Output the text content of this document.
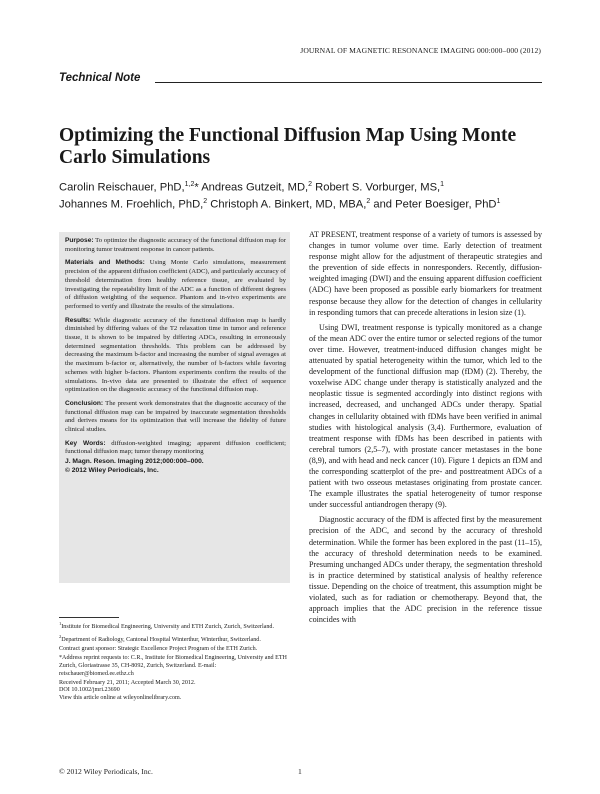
JOURNAL OF MAGNETIC RESONANCE IMAGING 000:000–000 (2012)
Technical Note
Optimizing the Functional Diffusion Map Using Monte Carlo Simulations
Carolin Reischauer, PhD,$^{1,2}$* Andreas Gutzeit, MD,$^2$ Robert S. Vorburger, MS,$^1$
Johannes M. Froehlich, PhD,$^2$ Christoph A. Binkert, MD, MBA,$^2$ and Peter Boesiger, PhD$^1$

Purpose: To optimize the diagnostic accuracy of the functional diffusion map for monitoring tumor treatment response in cancer patients.

Materials and Methods: Using Monte Carlo simulations, measurement precision of the apparent diffusion coefficient (ADC), and particularly accuracy of threshold determination from healthy reference tissue, are evaluated by investigating the repeatability limit of the ADC as a function of different degrees of diffusion weighting of the sequence. Phantom and in-vivo experiments are performed to verify and illustrate the results of the simulations.

Results: While diagnostic accuracy of the functional diffusion map is hardly diminished by differing values of the T2 relaxation time in tumor and reference tissue, it is shown to be impaired by differing ADCs, resulting in erroneously determined segmentation thresholds. This problem can be addressed by decreasing the maximum b-factor and increasing the number of signal averages at the maximum b-factor or, alternatively, the number of b-factors while favoring schemes with higher b-factors. Phantom experiments confirm the results of the simulations. In-vivo data are presented to illustrate the effect of sequence optimization on the diagnostic accuracy of the functional diffusion map.

Conclusion: The present work demonstrates that the diagnostic accuracy of the functional diffusion map can be impaired by inaccurate segmentation thresholds and derives means for its optimization that will increase the fidelity of future clinical studies.

Key Words: diffusion-weighted imaging; apparent diffusion coefficient; functional diffusion map; tumor therapy monitoring

J. Magn. Reson. Imaging 2012;000:000–000.

© 2012 Wiley Periodicals, Inc.

$^1$Institute for Biomedical Engineering, University and ETH Zurich, Zurich, Switzerland.

$^2$Department of Radiology, Cantonal Hospital Winterthur, Winterthur, Switzerland.

Contract grant sponsor: Strategic Excellence Project Program of the ETH Zurich.

*Address reprint requests to: C.R., Institute for Biomedical Engineering, University and ETH Zurich, Gloriastrasse 35, CH-8092, Zurich, Switzerland. E-mail: reischauer@biomed.ee.ethz.ch

Received February 21, 2011; Accepted March 30, 2012.

DOI 10.1002/jmri.23690

View this article online at wileyonlinelibrary.com.

AT PRESENT, treatment response of a variety of tumors is assessed by changes in tumor volume over time. Early detection of treatment response might allow for the adjustment of therapeutic strategies and the prevention of side effects in nonresponders. Recently, diffusion-weighted imaging (DWI) and the ensuing apparent diffusion coefficient (ADC) have been proposed as possible early biomarkers for treatment response because they allow for the detection of changes in cellularity in responding tumors that can precede alterations in lesion size (1).

Using DWI, treatment response is typically monitored as a change of the mean ADC over the entire tumor or selected regions of the tumor over time. However, treatment-induced diffusion changes might be attenuated by spatial heterogeneity within the tumor, which led to the development of the functional diffusion map (fDM) (2). Thereby, the voxelwise ADC change under therapy is statistically analyzed and the neoplastic tissue is segmented accordingly into distinct regions with increased, decreased, and unchanged ADCs under therapy. Spatial changes in cellularity obtained with fDMs have been verified in animal studies with histological analysis (3,4). Furthermore, evaluation of treatment response with fDMs has been described in patients with cerebral tumors (2,5–7), with prostate cancer metastases in the bone (8,9), and with head and neck cancer (10). Figure 1 depicts an fDM and the corresponding scatterplot of the pre- and posttreatment ADCs of a patient with two osseous metastases originating from prostate cancer. The example illustrates the spatial heterogeneity of tumor response under successful antiandrogen therapy (9).

Diagnostic accuracy of the fDM is affected first by the measurement precision of the ADC, and second by the accuracy of threshold determination. While the former has been explored in the past (11–15), the accuracy of threshold determination needs to be examined. Presuming unchanged ADCs under therapy, the segmentation threshold is in practice determined by statistical analysis of healthy reference tissue. Depending on the choice of treatment, this assumption might be violated, such as for radiation or chemotherapy. Beyond that, the approach implies that the ADC precision in the reference tissue coincides with

© 2012 Wiley Periodicals, Inc.	1
